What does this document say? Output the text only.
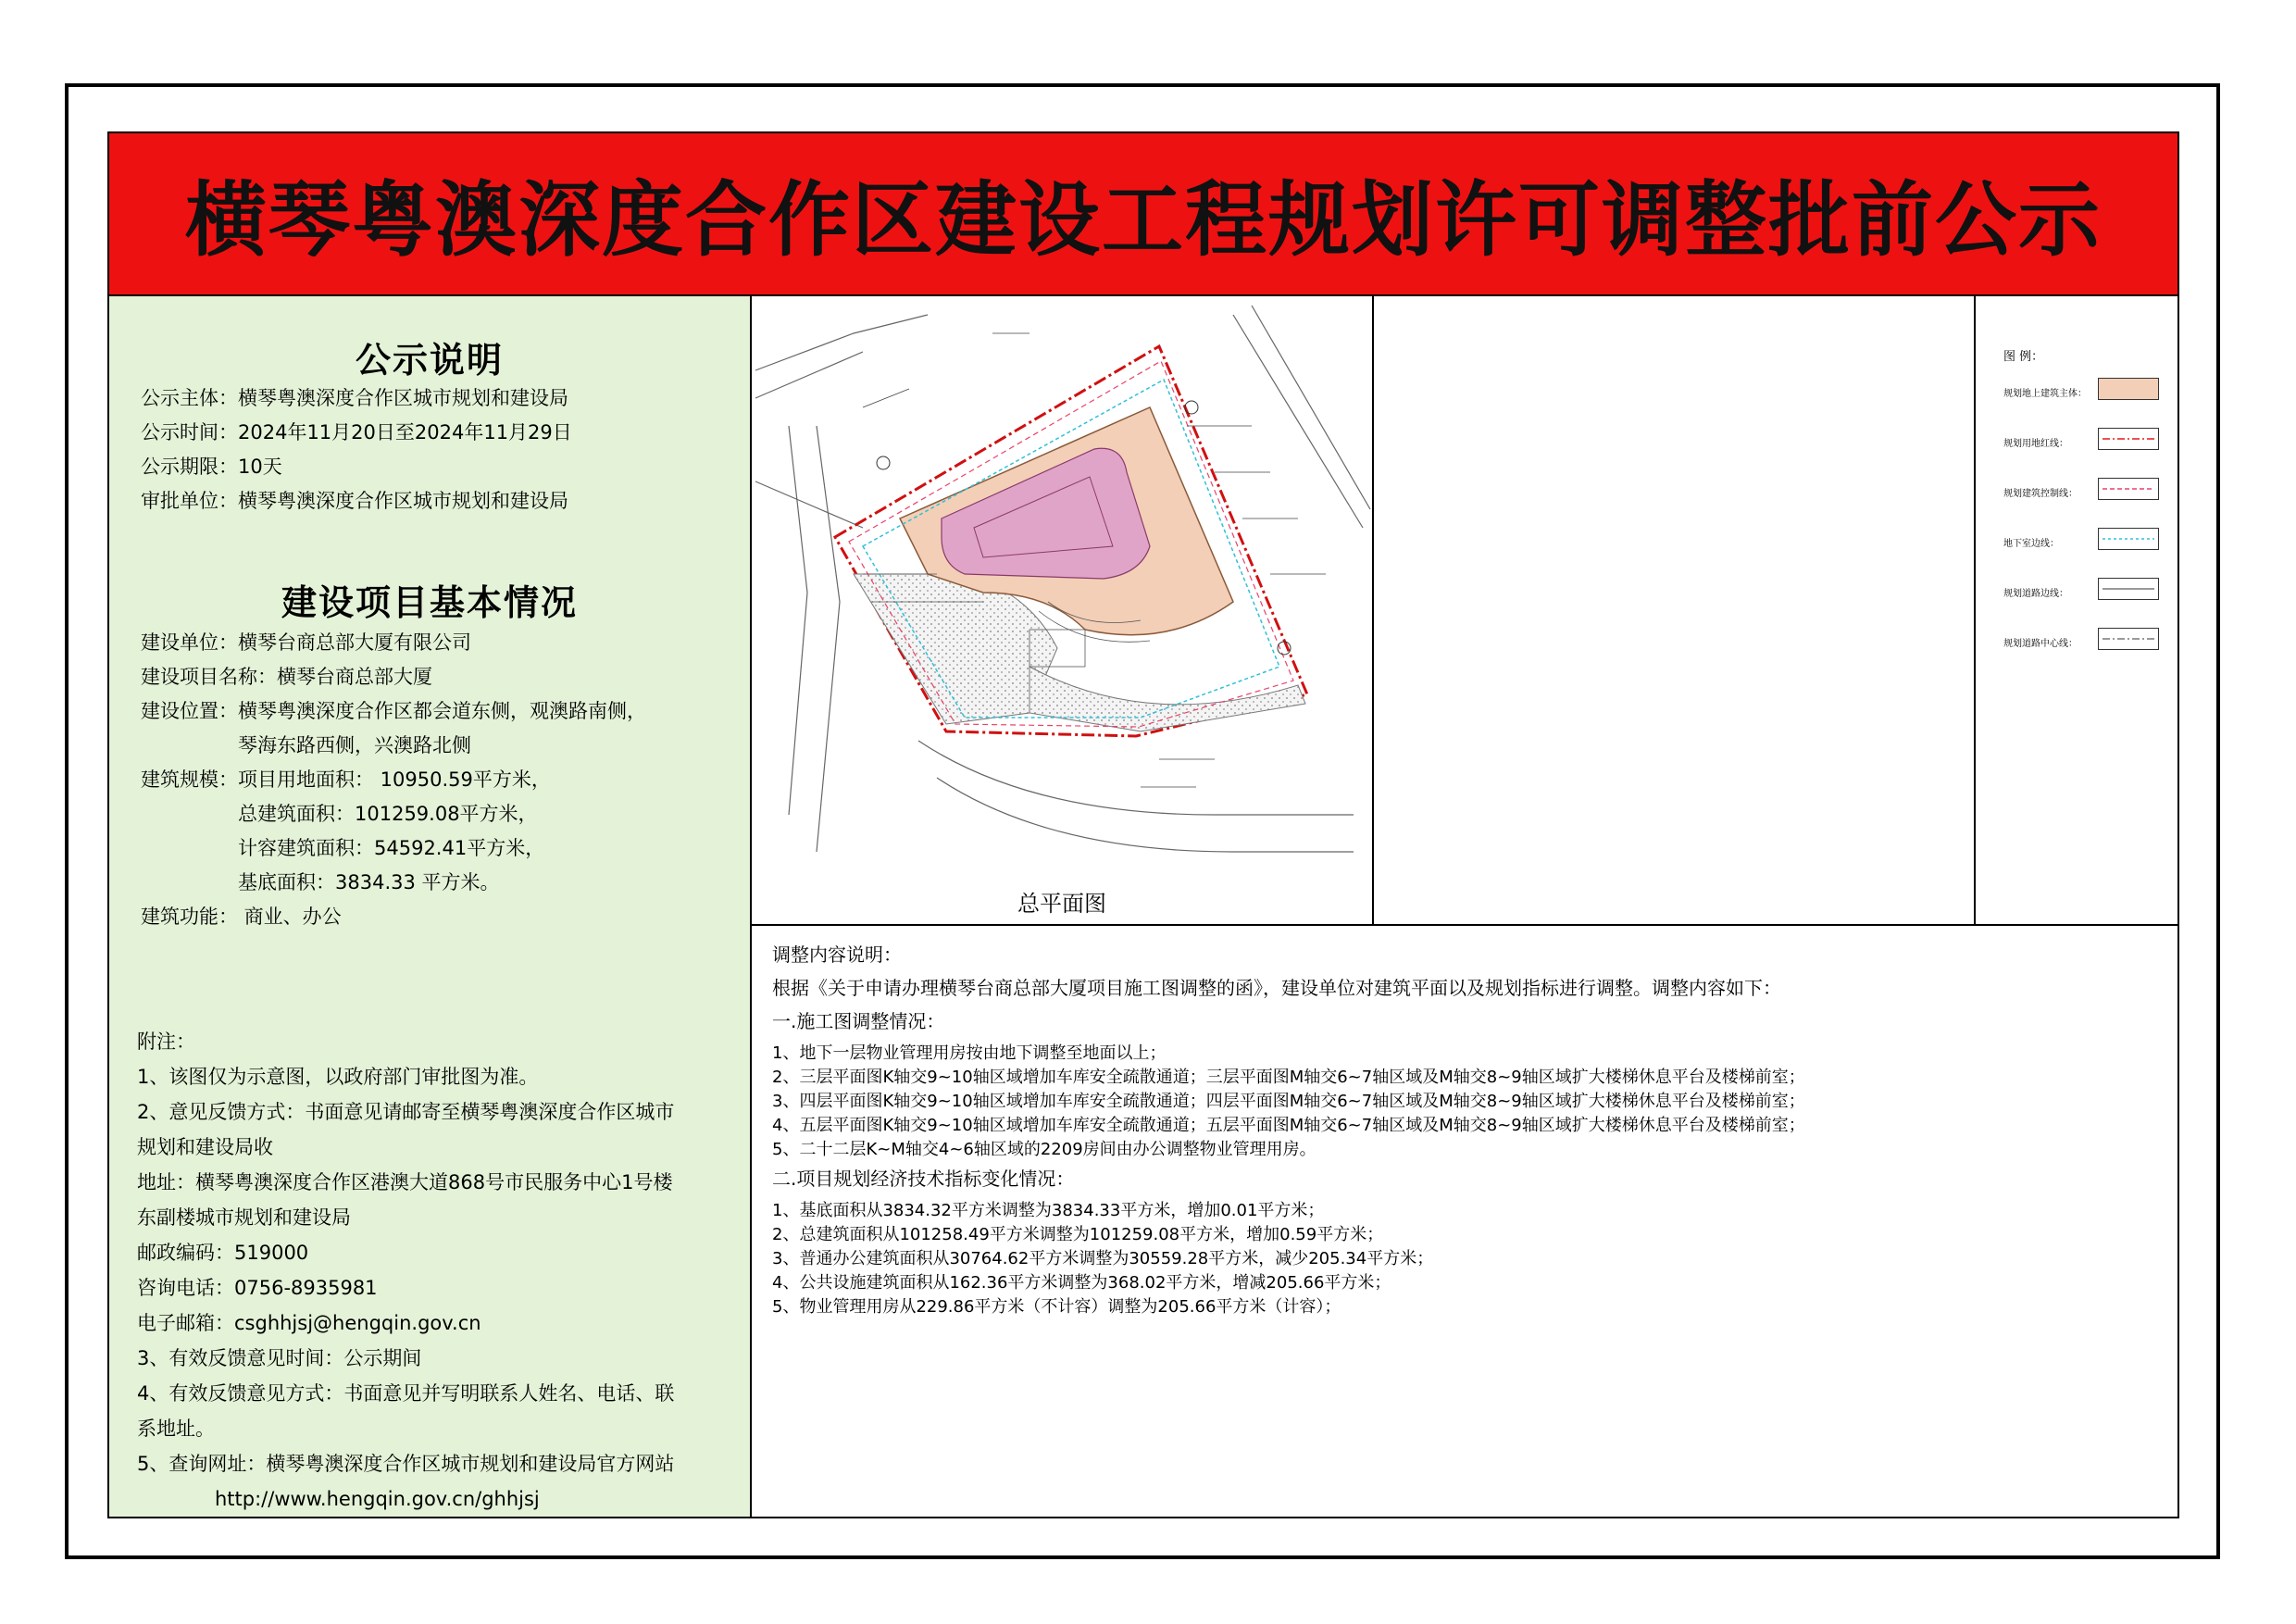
横琴粤澳深度合作区建设工程规划许可调整批前公示
公示说明
公示主体：横琴粤澳深度合作区城市规划和建设局
公示时间：2024年11月20日至2024年11月29日
公示期限：10天
审批单位：横琴粤澳深度合作区城市规划和建设局
建设项目基本情况
建设单位：横琴台商总部大厦有限公司
建设项目名称：横琴台商总部大厦
建设位置：横琴粤澳深度合作区都会道东侧，观澳路南侧，
　　　　　琴海东路西侧，兴澳路北侧
建筑规模：项目用地面积： 10950.59平方米，
　　　　　总建筑面积：101259.08平方米，
　　　　　计容建筑面积：54592.41平方米，
　　　　　基底面积：3834.33 平方米。
建筑功能： 商业、办公
附注：
1、该图仅为示意图，以政府部门审批图为准。
2、意见反馈方式：书面意见请邮寄至横琴粤澳深度合作区城市
规划和建设局收
地址：横琴粤澳深度合作区港澳大道868号市民服务中心1号楼
东副楼城市规划和建设局
邮政编码：519000
咨询电话：0756-8935981
电子邮箱：csghhjsj@hengqin.gov.cn
3、有效反馈意见时间：公示期间
4、有效反馈意见方式：书面意见并写明联系人姓名、电话、联
系地址。
5、查询网址：横琴粤澳深度合作区城市规划和建设局官方网站
　　　　http://www.hengqin.gov.cn/ghhjsj
总平面图
图 例：
规划地上建筑主体：
规划用地红线：
规划建筑控制线：
地下室边线：
规划道路边线：
规划道路中心线：
调整内容说明：
根据《关于申请办理横琴台商总部大厦项目施工图调整的函》，建设单位对建筑平面以及规划指标进行调整。调整内容如下：
一.施工图调整情况：
1、地下一层物业管理用房按由地下调整至地面以上；
2、三层平面图K轴交9~10轴区域增加车库安全疏散通道；三层平面图M轴交6~7轴区域及M轴交8~9轴区域扩大楼梯休息平台及楼梯前室；
3、四层平面图K轴交9~10轴区域增加车库安全疏散通道；四层平面图M轴交6~7轴区域及M轴交8~9轴区域扩大楼梯休息平台及楼梯前室；
4、五层平面图K轴交9~10轴区域增加车库安全疏散通道；五层平面图M轴交6~7轴区域及M轴交8~9轴区域扩大楼梯休息平台及楼梯前室；
5、二十二层K~M轴交4~6轴区域的2209房间由办公调整物业管理用房。
二.项目规划经济技术指标变化情况：
1、基底面积从3834.32平方米调整为3834.33平方米，增加0.01平方米；
2、总建筑面积从101258.49平方米调整为101259.08平方米，增加0.59平方米；
3、普通办公建筑面积从30764.62平方米调整为30559.28平方米，减少205.34平方米；
4、公共设施建筑面积从162.36平方米调整为368.02平方米，增减205.66平方米；
5、物业管理用房从229.86平方米（不计容）调整为205.66平方米（计容）；
